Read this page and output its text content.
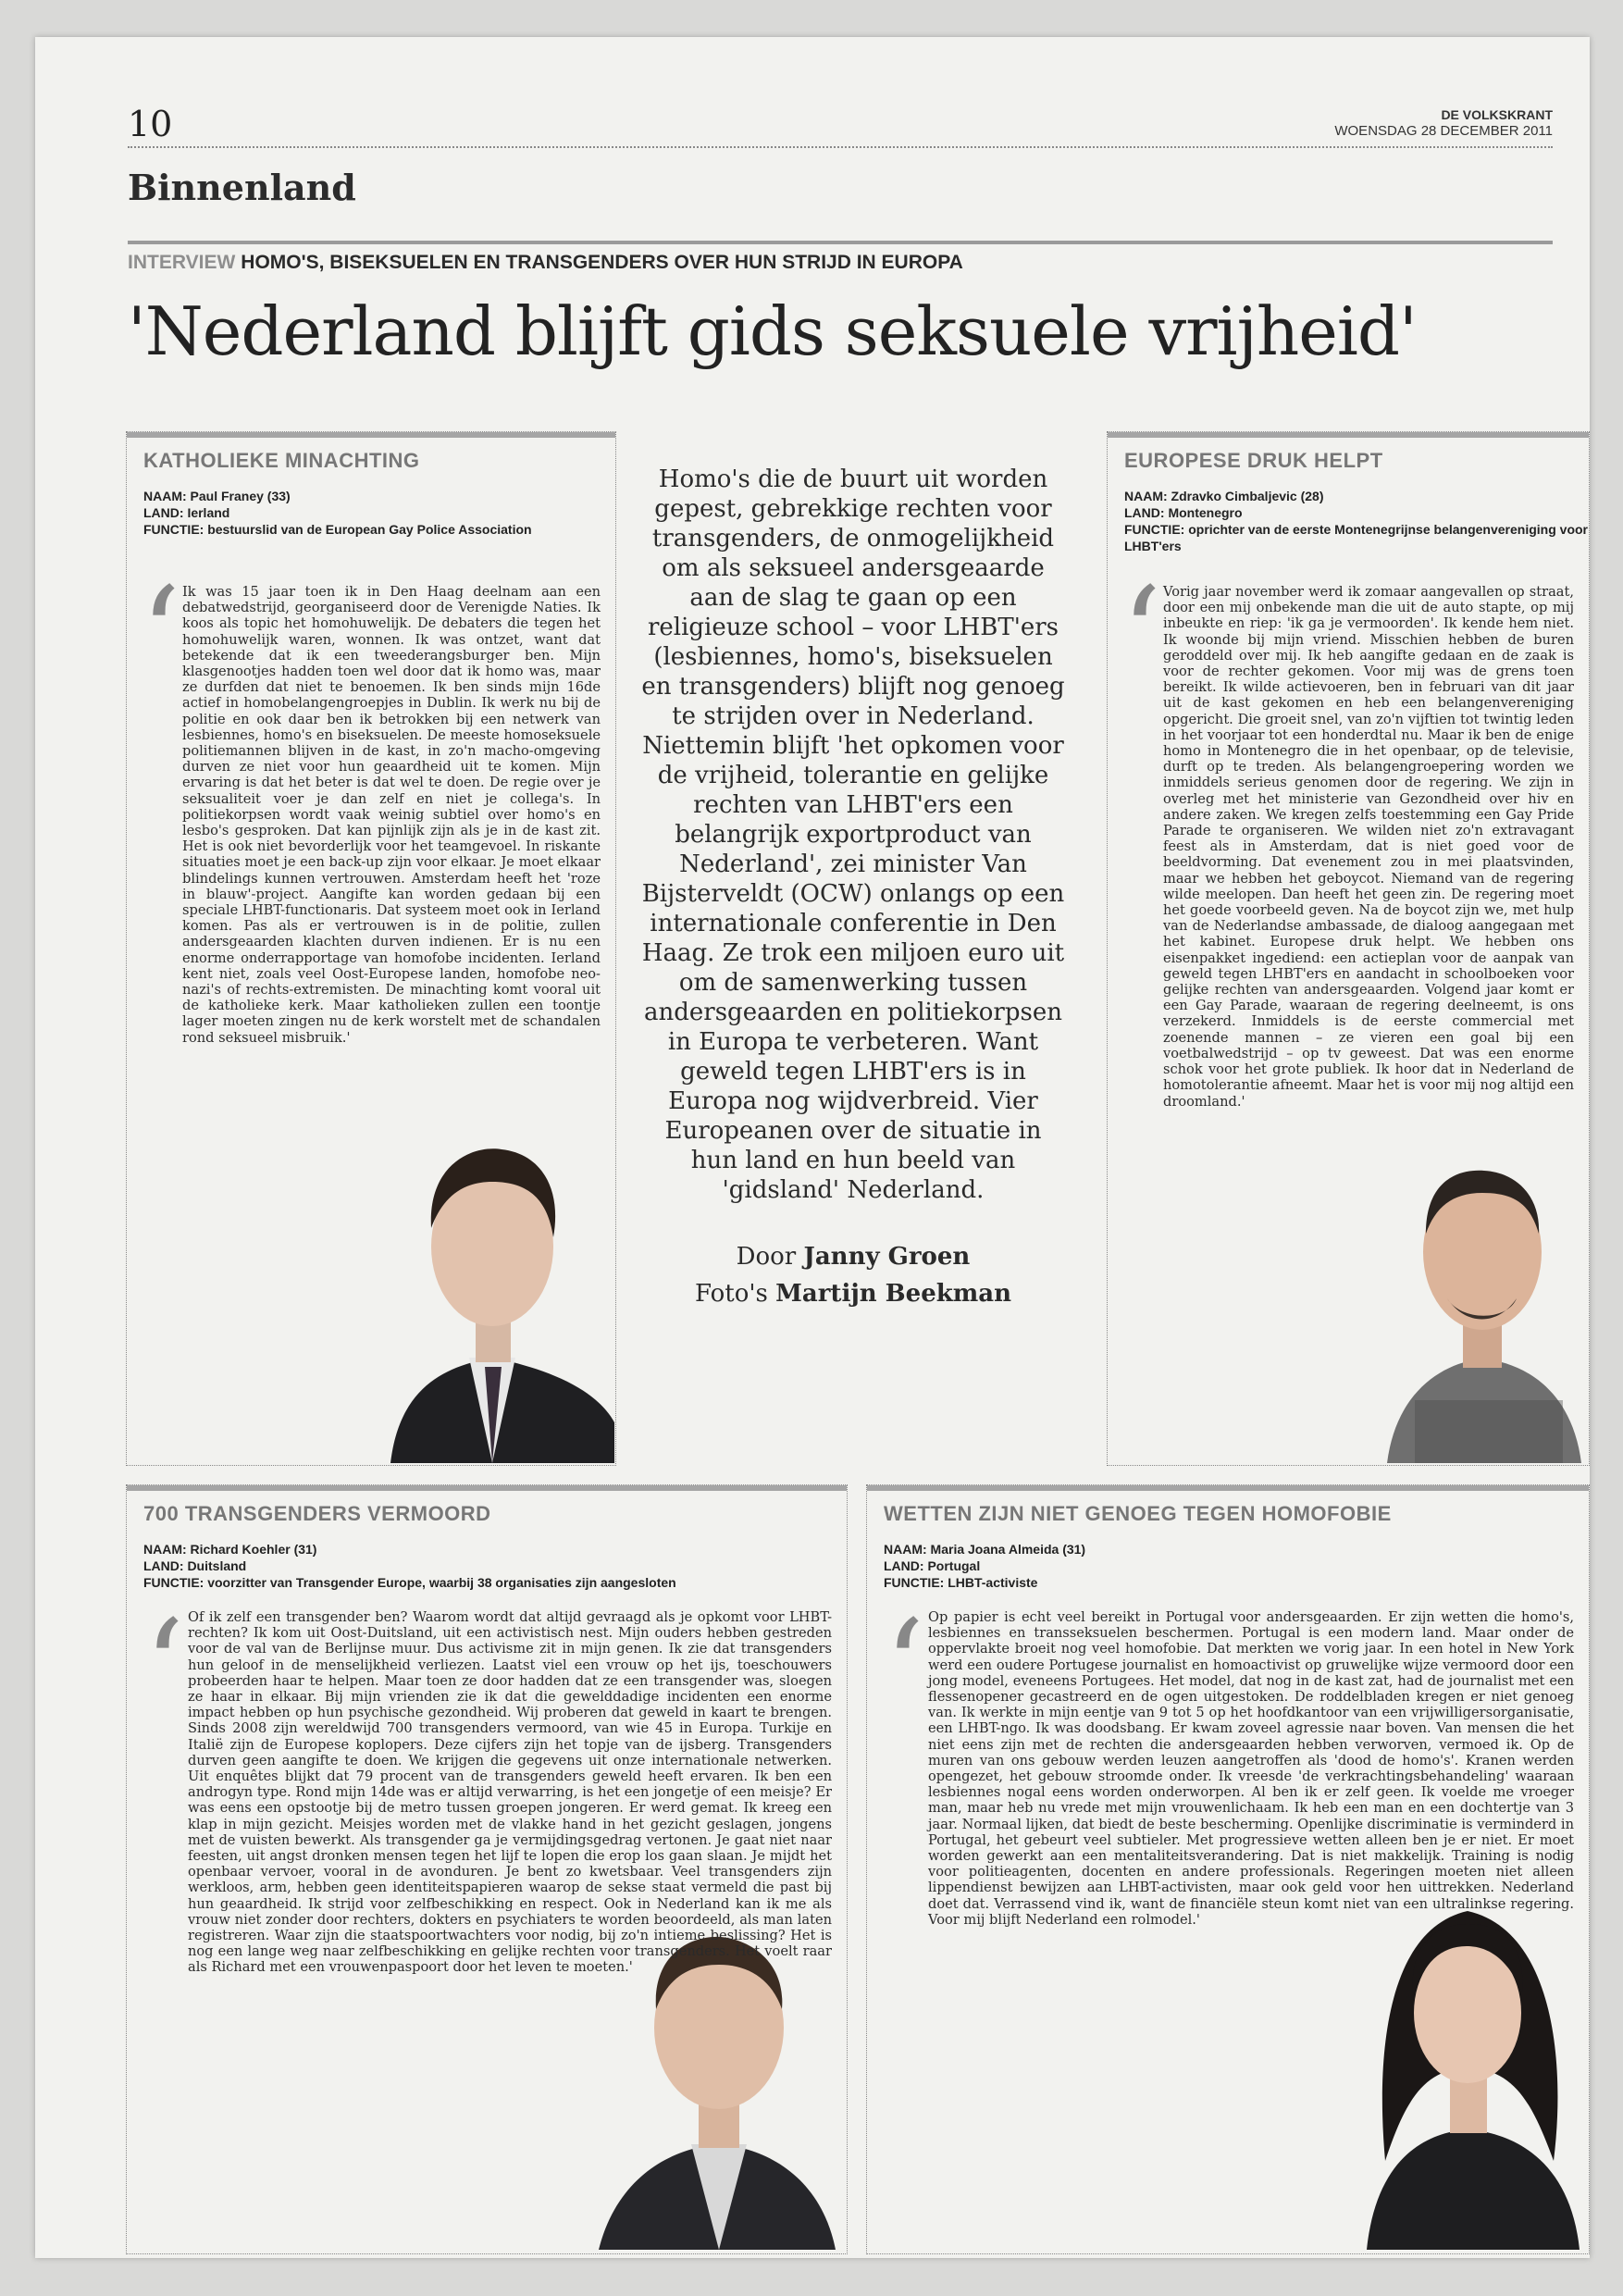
10	DE VOLKSKRANT
WOENSDAG 28 DECEMBER 2011
Binnenland
INTERVIEW HOMO'S, BISEKSUELEN EN TRANSGENDERS OVER HUN STRIJD IN EUROPA
'Nederland blijft gids seksuele vrijheid'
KATHOLIEKE MINACHTING
NAAM: Paul Franey (33)
LAND: Ierland
FUNCTIE: bestuurslid van de European Gay Police Association
‘ Ik was 15 jaar toen ik in Den Haag deelnam aan een debatwedstrijd, georganiseerd door de Verenigde Naties. Ik koos als topic het homohuwelijk. De debaters die tegen het homohuwelijk waren, wonnen. Ik was ontzet, want dat betekende dat ik een tweederangsburger ben. Mijn klasgenootjes hadden toen wel door dat ik homo was, maar ze durfden dat niet te benoemen. Ik ben sinds mijn 16de actief in homobelangengroepjes in Dublin. Ik werk nu bij de politie en ook daar ben ik betrokken bij een netwerk van lesbiennes, homo's en biseksuelen. De meeste homoseksuele politiemannen blijven in de kast, in zo'n macho-omgeving durven ze niet voor hun geaardheid uit te komen. Mijn ervaring is dat het beter is dat wel te doen. De regie over je seksualiteit voer je dan zelf en niet je collega's. In politiekorpsen wordt vaak weinig subtiel over homo's en lesbo's gesproken. Dat kan pijnlijk zijn als je in de kast zit. Het is ook niet bevorderlijk voor het teamgevoel. In riskante situaties moet je een back-up zijn voor elkaar. Je moet elkaar blindelings kunnen vertrouwen. Amsterdam heeft het 'roze in blauw'-project. Aangifte kan worden gedaan bij een speciale LHBT-functionaris. Dat systeem moet ook in Ierland komen. Pas als er vertrouwen is in de politie, zullen andersgeaarden klachten durven indienen. Er is nu een enorme onderrapportage van homofobe incidenten. Ierland kent niet, zoals veel Oost-Europese landen, homofobe neo-nazi's of rechts-extremisten. De minachting komt vooral uit de katholieke kerk. Maar katholieken zullen een toontje lager moeten zingen nu de kerk worstelt met de schandalen rond seksueel misbruik.'
Homo's die de buurt uit worden gepest, gebrekkige rechten voor transgenders, de onmogelijkheid om als seksueel andersgeaarde aan de slag te gaan op een religieuze school – voor LHBT'ers (lesbiennes, homo's, biseksuelen en transgenders) blijft nog genoeg te strijden over in Nederland. Niettemin blijft 'het opkomen voor de vrijheid, tolerantie en gelijke rechten van LHBT'ers een belangrijk exportproduct van Nederland', zei minister Van Bijsterveldt (OCW) onlangs op een internationale conferentie in Den Haag. Ze trok een miljoen euro uit om de samenwerking tussen andersgeaarden en politiekorpsen in Europa te verbeteren. Want geweld tegen LHBT'ers is in Europa nog wijdverbreid. Vier Europeanen over de situatie in hun land en hun beeld van 'gidsland' Nederland.
Door Janny Groen
Foto's Martijn Beekman
EUROPESE DRUK HELPT
NAAM: Zdravko Cimbaljevic (28)
LAND: Montenegro
FUNCTIE: oprichter van de eerste Montenegrijnse belangenvereniging voor LHBT'ers
‘ Vorig jaar november werd ik zomaar aangevallen op straat, door een mij onbekende man die uit de auto stapte, op mij inbeukte en riep: 'ik ga je vermoorden'. Ik kende hem niet. Ik woonde bij mijn vriend. Misschien hebben de buren geroddeld over mij. Ik heb aangifte gedaan en de zaak is voor de rechter gekomen. Voor mij was de grens toen bereikt. Ik wilde actievoeren, ben in februari van dit jaar uit de kast gekomen en heb een belangenvereniging opgericht. Die groeit snel, van zo'n vijftien tot twintig leden in het voorjaar tot een honderdtal nu. Maar ik ben de enige homo in Montenegro die in het openbaar, op de televisie, durft op te treden. Als belangengroepering worden we inmiddels serieus genomen door de regering. We zijn in overleg met het ministerie van Gezondheid over hiv en andere zaken. We kregen zelfs toestemming een Gay Pride Parade te organiseren. We wilden niet zo'n extravagant feest als in Amsterdam, dat is niet goed voor de beeldvorming. Dat evenement zou in mei plaatsvinden, maar we hebben het geboycot. Niemand van de regering wilde meelopen. Dan heeft het geen zin. De regering moet het goede voorbeeld geven. Na de boycot zijn we, met hulp van de Nederlandse ambassade, de dialoog aangegaan met het kabinet. Europese druk helpt. We hebben ons eisenpakket ingediend: een actieplan voor de aanpak van geweld tegen LHBT'ers en aandacht in schoolboeken voor gelijke rechten van andersgeaarden. Volgend jaar komt er een Gay Parade, waaraan de regering deelneemt, is ons verzekerd. Inmiddels is de eerste commercial met zoenende mannen – ze vieren een goal bij een voetbalwedstrijd – op tv geweest. Dat was een enorme schok voor het grote publiek. Ik hoor dat in Nederland de homotolerantie afneemt. Maar het is voor mij nog altijd een droomland.'
700 TRANSGENDERS VERMOORD
NAAM: Richard Koehler (31)
LAND: Duitsland
FUNCTIE: voorzitter van Transgender Europe, waarbij 38 organisaties zijn aangesloten
‘ Of ik zelf een transgender ben? Waarom wordt dat altijd gevraagd als je opkomt voor LHBT-rechten? Ik kom uit Oost-Duitsland, uit een activistisch nest. Mijn ouders hebben gestreden voor de val van de Berlijnse muur. Dus activisme zit in mijn genen. Ik zie dat transgenders hun geloof in de menselijkheid verliezen. Laatst viel een vrouw op het ijs, toeschouwers probeerden haar te helpen. Maar toen ze door hadden dat ze een transgender was, sloegen ze haar in elkaar. Bij mijn vrienden zie ik dat die gewelddadige incidenten een enorme impact hebben op hun psychische gezondheid. Wij proberen dat geweld in kaart te brengen. Sinds 2008 zijn wereldwijd 700 transgenders vermoord, van wie 45 in Europa. Turkije en Italië zijn de Europese koplopers. Deze cijfers zijn het topje van de ijsberg. Transgenders durven geen aangifte te doen. We krijgen die gegevens uit onze internationale netwerken. Uit enquêtes blijkt dat 79 procent van de transgenders geweld heeft ervaren. Ik ben een androgyn type. Rond mijn 14de was er altijd verwarring, is het een jongetje of een meisje? Er was eens een opstootje bij de metro tussen groepen jongeren. Er werd gemat. Ik kreeg een klap in mijn gezicht. Meisjes worden met de vlakke hand in het gezicht geslagen, jongens met de vuisten bewerkt. Als transgender ga je vermijdingsgedrag vertonen. Je gaat niet naar feesten, uit angst dronken mensen tegen het lijf te lopen die erop los gaan slaan. Je mijdt het openbaar vervoer, vooral in de avonduren. Je bent zo kwetsbaar. Veel transgenders zijn werkloos, arm, hebben geen identiteitspapieren waarop de sekse staat vermeld die past bij hun geaardheid. Ik strijd voor zelfbeschikking en respect. Ook in Nederland kan ik me als vrouw niet zonder door rechters, dokters en psychiaters te worden beoordeeld, als man laten registreren. Waar zijn die staatspoortwachters voor nodig, bij zo'n intieme beslissing? Het is nog een lange weg naar zelfbeschikking en gelijke rechten voor transgenders. Het voelt raar als Richard met een vrouwenpaspoort door het leven te moeten.'
WETTEN ZIJN NIET GENOEG TEGEN HOMOFOBIE
NAAM: Maria Joana Almeida (31)
LAND: Portugal
FUNCTIE: LHBT-activiste
‘ Op papier is echt veel bereikt in Portugal voor andersgeaarden. Er zijn wetten die homo's, lesbiennes en transseksuelen beschermen. Portugal is een modern land. Maar onder de oppervlakte broeit nog veel homofobie. Dat merkten we vorig jaar. In een hotel in New York werd een oudere Portugese journalist en homoactivist op gruwelijke wijze vermoord door een jong model, eveneens Portugees. Het model, dat nog in de kast zat, had de journalist met een flessenopener gecastreerd en de ogen uitgestoken. De roddelbladen kregen er niet genoeg van. Ik werkte in mijn eentje van 9 tot 5 op het hoofdkantoor van een vrijwilligersorganisatie, een LHBT-ngo. Ik was doodsbang. Er kwam zoveel agressie naar boven. Van mensen die het niet eens zijn met de rechten die andersgeaarden hebben verworven, vermoed ik. Op de muren van ons gebouw werden leuzen aangetroffen als 'dood de homo's'. Kranen werden opengezet, het gebouw stroomde onder. Ik vreesde 'de verkrachtingsbehandeling' waaraan lesbiennes nogal eens worden onderworpen. Al ben ik er zelf geen. Ik voelde me vroeger man, maar heb nu vrede met mijn vrouwenlichaam. Ik heb een man en een dochtertje van 3 jaar. Normaal lijken, dat biedt de beste bescherming. Openlijke discriminatie is verminderd in Portugal, het gebeurt veel subtieler. Met progressieve wetten alleen ben je er niet. Er moet worden gewerkt aan een mentaliteitsverandering. Dat is niet makkelijk. Training is nodig voor politieagenten, docenten en andere professionals. Regeringen moeten niet alleen lippendienst bewijzen aan LHBT-activisten, maar ook geld voor hen uittrekken. Nederland doet dat. Verrassend vind ik, want de financiële steun komt niet van een ultralinkse regering. Voor mij blijft Nederland een rolmodel.'
